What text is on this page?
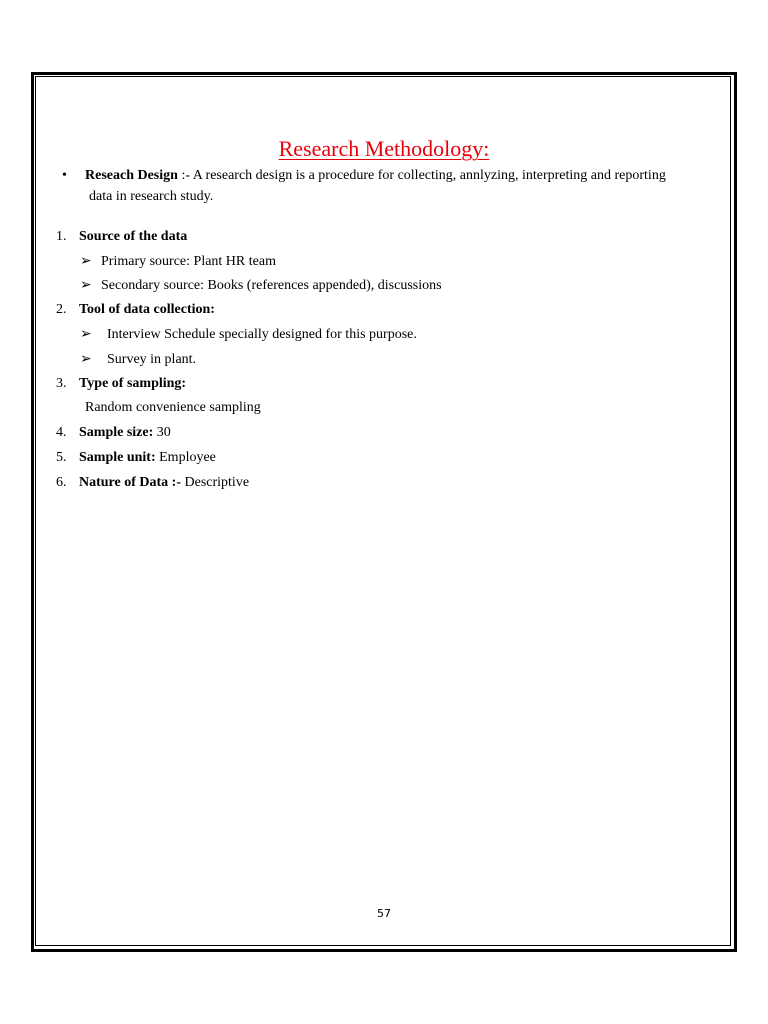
Research Methodology:
• Reseach Design :- A research design is a procedure for collecting, annlyzing, interpreting and reporting
data in research study.
1. Source of the data
➢ Primary source: Plant HR team
➢ Secondary source: Books (references appended), discussions
2. Tool of data collection:
➢ Interview Schedule specially designed for this purpose.
➢ Survey in plant.
3. Type of sampling:
Random convenience sampling
4. Sample size: 30
5. Sample unit: Employee
6. Nature of Data :- Descriptive
57
